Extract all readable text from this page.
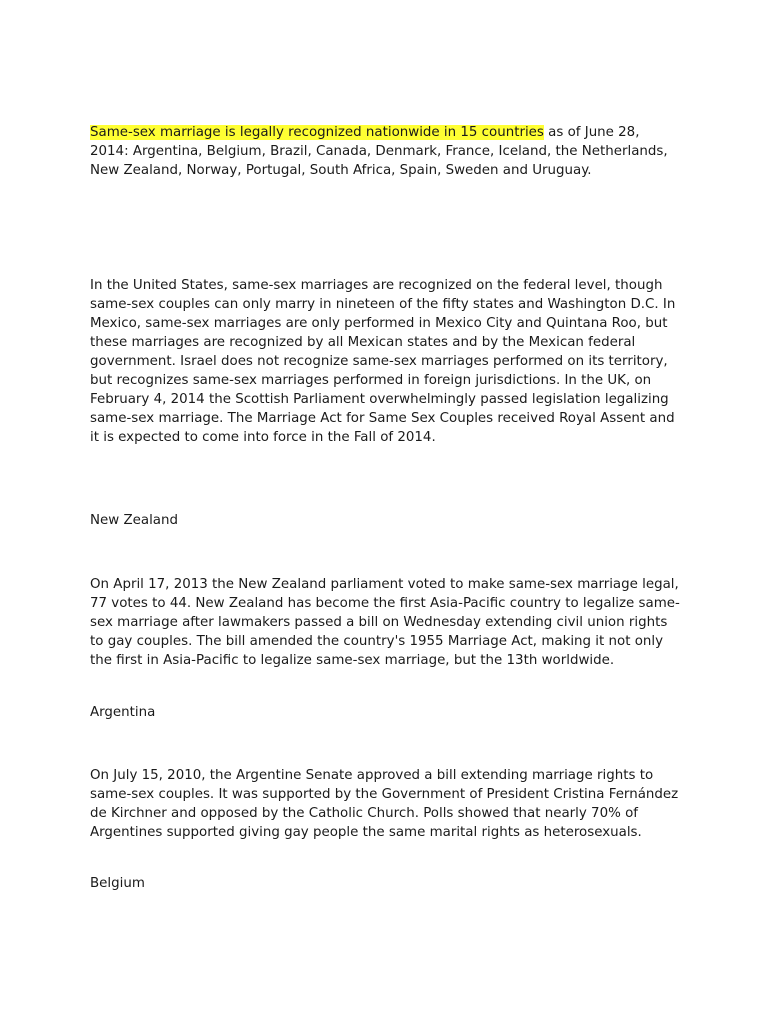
Same-sex marriage is legally recognized nationwide in 15 countries as of June 28, 2014: Argentina, Belgium, Brazil, Canada, Denmark, France, Iceland, the Netherlands, New Zealand, Norway, Portugal, South Africa, Spain, Sweden and Uruguay.

In the United States, same-sex marriages are recognized on the federal level, though same-sex couples can only marry in nineteen of the fifty states and Washington D.C. In Mexico, same-sex marriages are only performed in Mexico City and Quintana Roo, but these marriages are recognized by all Mexican states and by the Mexican federal government. Israel does not recognize same-sex marriages performed on its territory, but recognizes same-sex marriages performed in foreign jurisdictions. In the UK, on February 4, 2014 the Scottish Parliament overwhelmingly passed legislation legalizing same-sex marriage. The Marriage Act for Same Sex Couples received Royal Assent and it is expected to come into force in the Fall of 2014.

New Zealand

On April 17, 2013 the New Zealand parliament voted to make same-sex marriage legal, 77 votes to 44. New Zealand has become the first Asia-Pacific country to legalize same-sex marriage after lawmakers passed a bill on Wednesday extending civil union rights to gay couples. The bill amended the country's 1955 Marriage Act, making it not only the first in Asia-Pacific to legalize same-sex marriage, but the 13th worldwide.

Argentina

On July 15, 2010, the Argentine Senate approved a bill extending marriage rights to same-sex couples. It was supported by the Government of President Cristina Fernández de Kirchner and opposed by the Catholic Church. Polls showed that nearly 70% of Argentines supported giving gay people the same marital rights as heterosexuals.

Belgium
